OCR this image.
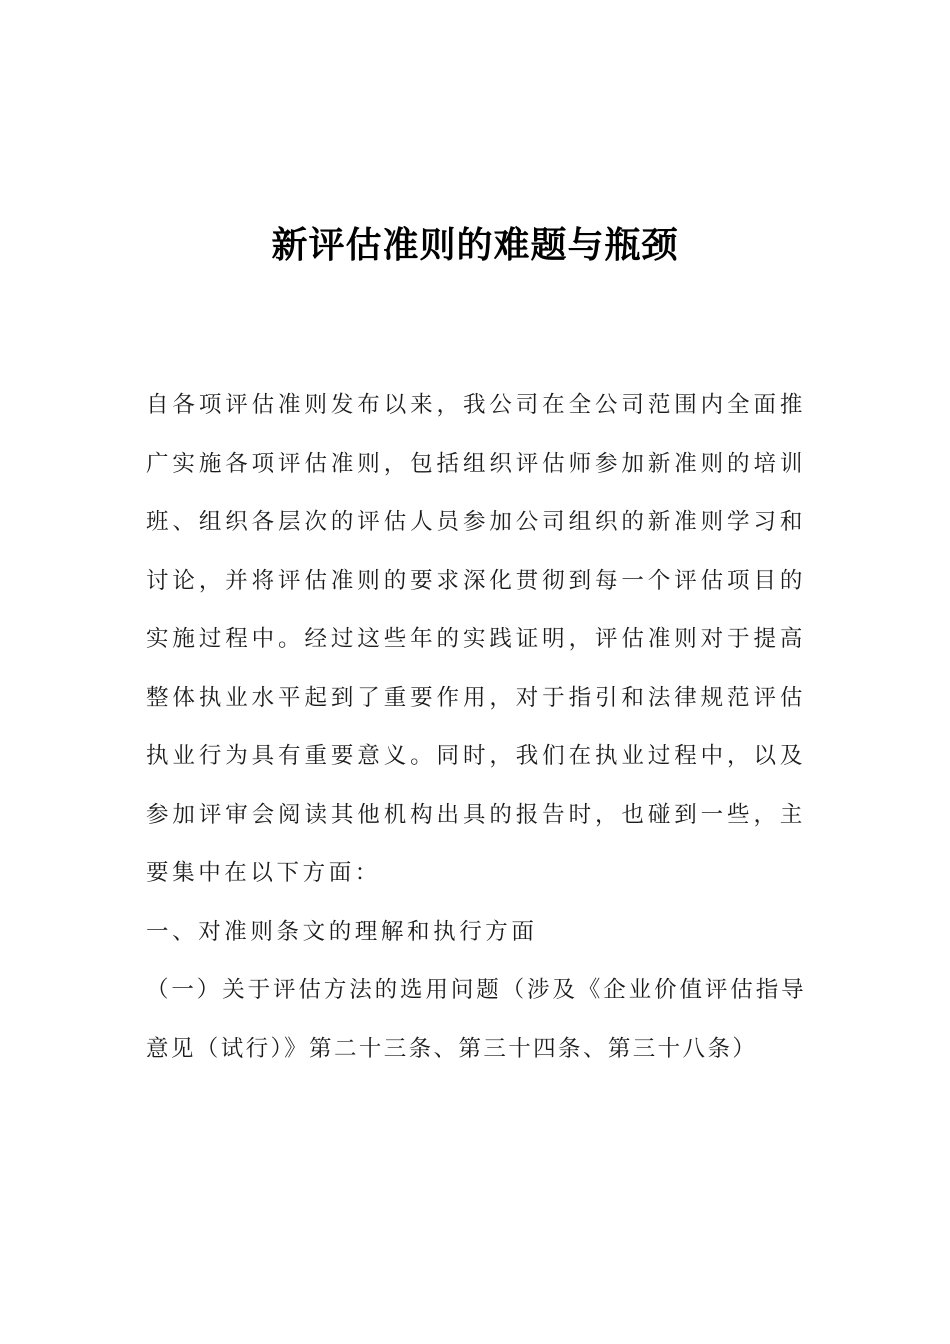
新评估准则的难题与瓶颈

自各项评估准则发布以来，我公司在全公司范围内全面推广实施各项评估准则，包括组织评估师参加新准则的培训班、组织各层次的评估人员参加公司组织的新准则学习和讨论，并将评估准则的要求深化贯彻到每一个评估项目的实施过程中。经过这些年的实践证明，评估准则对于提高整体执业水平起到了重要作用，对于指引和法律规范评估执业行为具有重要意义。同时，我们在执业过程中，以及参加评审会阅读其他机构出具的报告时，也碰到一些，主要集中在以下方面：

一、对准则条文的理解和执行方面

（一）关于评估方法的选用问题（涉及《企业价值评估指导意见（试行）》第二十三条、第三十四条、第三十八条）
